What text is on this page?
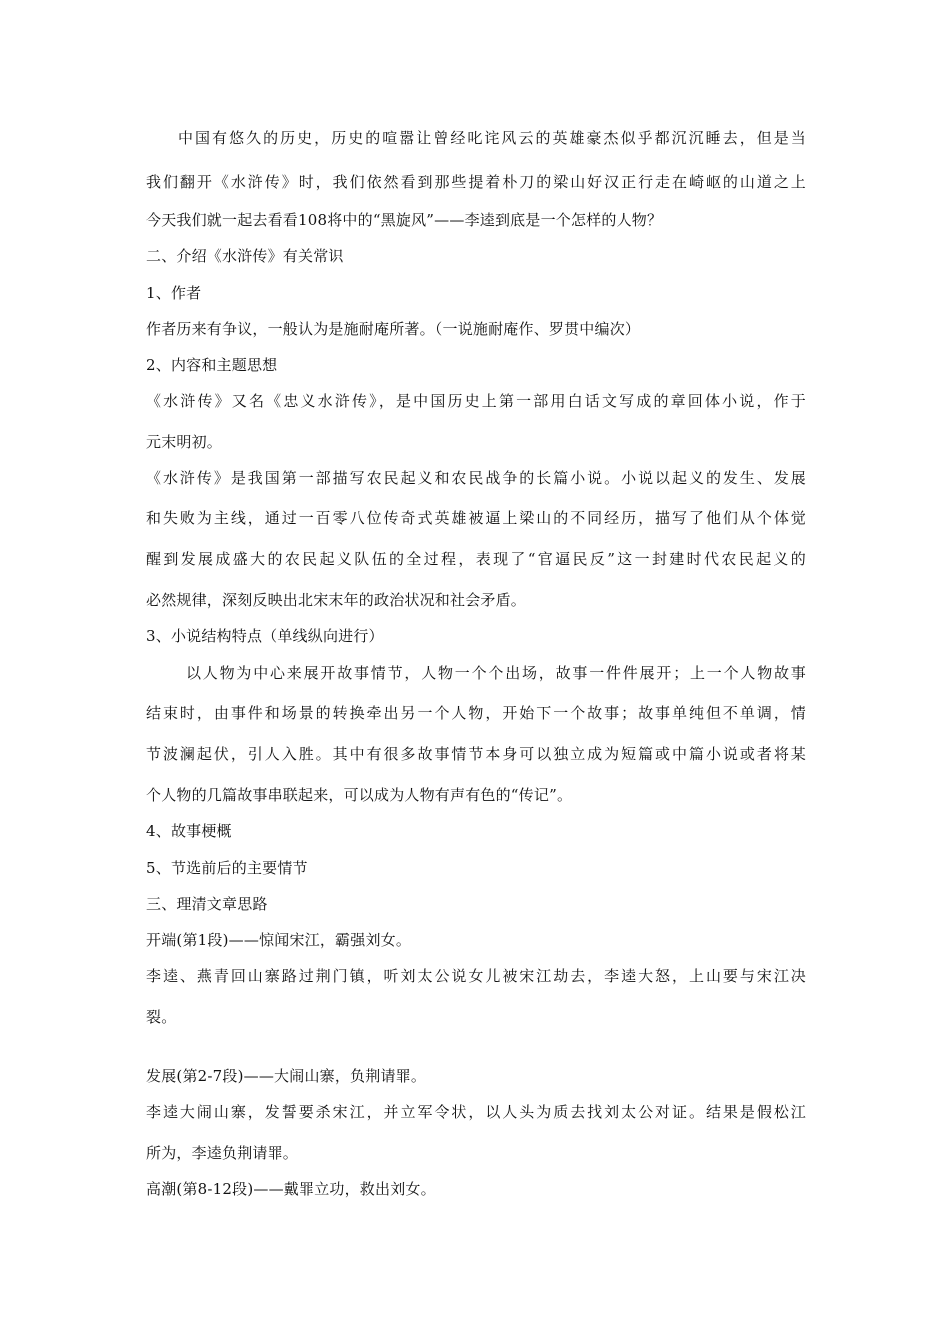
中国有悠久的历史，历史的喧嚣让曾经叱诧风云的英雄豪杰似乎都沉沉睡去，但是当
我们翻开《水浒传》时，我们依然看到那些提着朴刀的梁山好汉正行走在崎岖的山道之上
今天我们就一起去看看108将中的“黑旋风”——李逵到底是一个怎样的人物？
二、介绍《水浒传》有关常识
1、作者
作者历来有争议，一般认为是施耐庵所著。（一说施耐庵作、罗贯中编次）
2、内容和主题思想
《水浒传》又名《忠义水浒传》，是中国历史上第一部用白话文写成的章回体小说，作于
元末明初。
《水浒传》是我国第一部描写农民起义和农民战争的长篇小说。小说以起义的发生、发展
和失败为主线，通过一百零八位传奇式英雄被逼上梁山的不同经历，描写了他们从个体觉
醒到发展成盛大的农民起义队伍的全过程，表现了“官逼民反”这一封建时代农民起义的
必然规律，深刻反映出北宋末年的政治状况和社会矛盾。
3、小说结构特点（单线纵向进行）
以人物为中心来展开故事情节，人物一个个出场，故事一件件展开；上一个人物故事
结束时，由事件和场景的转换牵出另一个人物，开始下一个故事；故事单纯但不单调，情
节波澜起伏，引人入胜。其中有很多故事情节本身可以独立成为短篇或中篇小说或者将某
个人物的几篇故事串联起来，可以成为人物有声有色的“传记”。
4、故事梗概
5、节选前后的主要情节
三、理清文章思路
开端(第1段)——惊闻宋江，霸强刘女。
李逵、燕青回山寨路过荆门镇，听刘太公说女儿被宋江劫去，李逵大怒，上山要与宋江决
裂。
发展(第2-7段)——大闹山寨，负荆请罪。
李逵大闹山寨，发誓要杀宋江，并立军令状，以人头为质去找刘太公对证。结果是假松江
所为，李逵负荆请罪。
高潮(第8-12段)——戴罪立功，救出刘女。
